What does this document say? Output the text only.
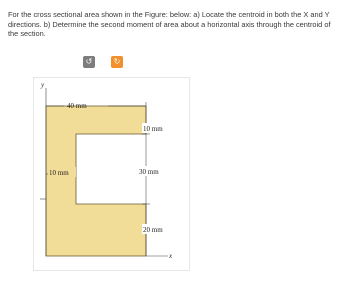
For the cross sectional area shown in the Figure: below: a) Locate the centroid in both the X and Y directions. b) Determine the second moment of area about a horizontal axis through the centroid of the section.
↺	↻
y
x
40 mm
10 mm
30 mm
20 mm
10 mm
